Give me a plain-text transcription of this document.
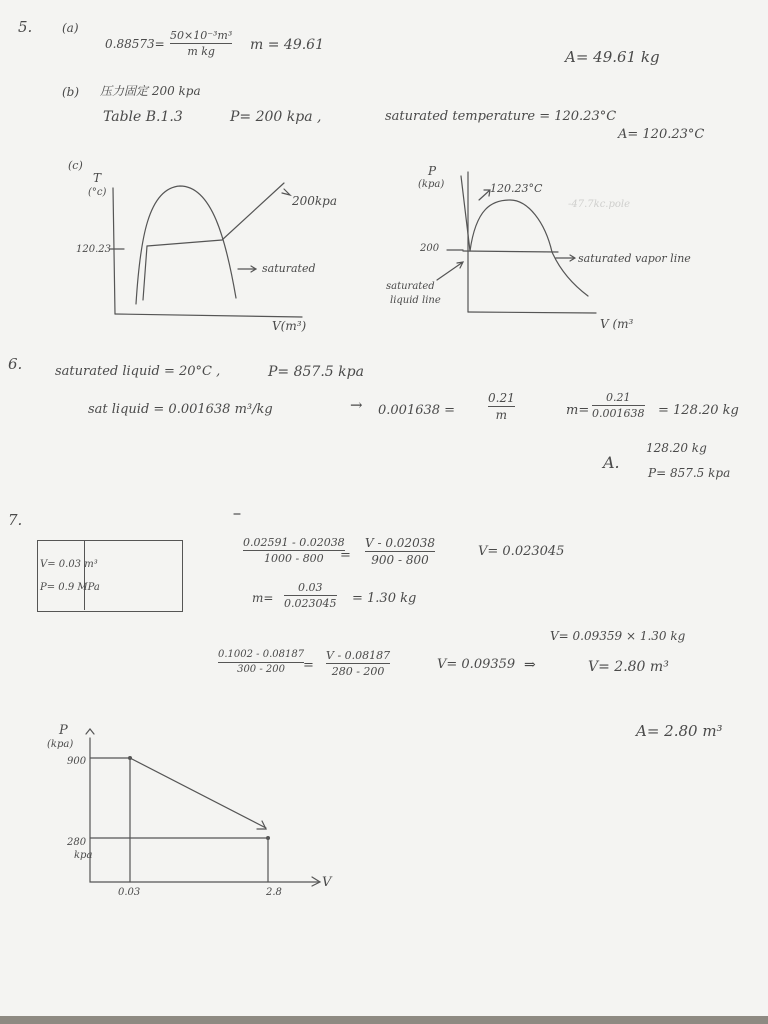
5. (a)
0.88573=
50×10⁻³m³
m kg	m = 49.61
A= 49.61 kg
(b) 压力固定 200 kpa
Table B.1.3	P= 200 kpa ,	saturated temperature = 120.23°C
A= 120.23°C
(c)
T
(°c)
200kpa
120.23
saturated
V(m³)
P
(kpa)	120.23°C
-47.7kc.pole
200
saturated vapor line
saturated
liquid line
V (m³
6.	saturated liquid = 20°C ,	P= 857.5 kpa
sat liquid = 0.001638 m³/kg	→ 0.001638 =
0.21
m	m=
0.21
0.001638 = 128.20 kg
128.20 kg
A.
P= 857.5 kpa
7.
V= 0.03 m³
P= 0.9 MPa
0.02591 - 0.02038
1000 - 800 =
V - 0.02038
900 - 800
V= 0.023045
m=
0.03
0.023045 = 1.30 kg
0.1002 - 0.08187
300 - 200 =
V - 0.08187
280 - 200	V= 0.09359 ⇒
V= 0.09359 × 1.30 kg
V= 2.80 m³
A= 2.80 m³
P
(kpa)
900
280
kpa
0.03	2.8
V
